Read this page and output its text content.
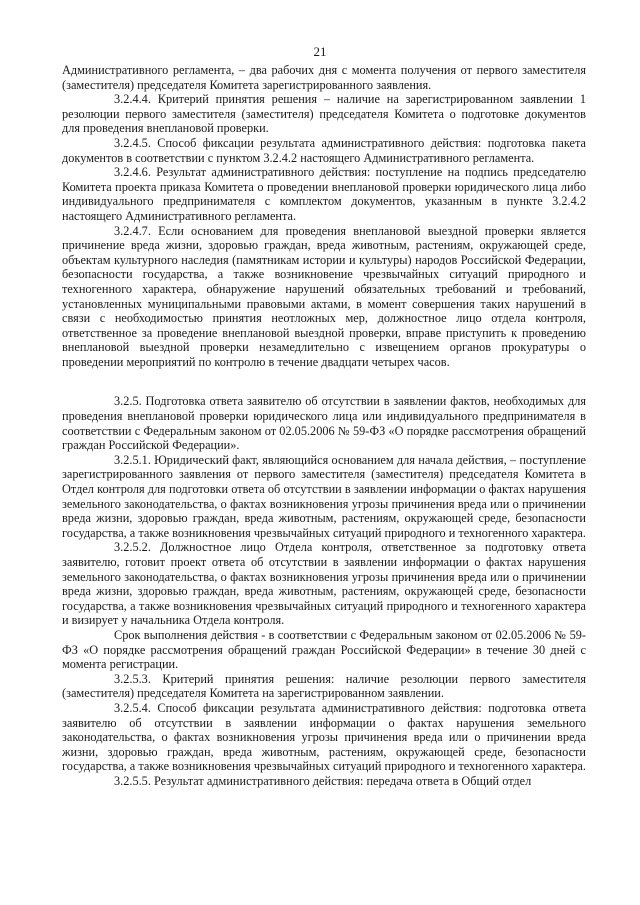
21

Административного регламента, – два рабочих дня с момента получения от первого заместителя (заместителя) председателя Комитета зарегистрированного заявления.

3.2.4.4. Критерий принятия решения – наличие на зарегистрированном заявлении 1 резолюции первого заместителя (заместителя) председателя Комитета о подготовке документов для проведения внеплановой проверки.

3.2.4.5. Способ фиксации результата административного действия: подготовка пакета документов в соответствии с пунктом 3.2.4.2 настоящего Административного регламента.

3.2.4.6. Результат административного действия: поступление на подпись председателю Комитета проекта приказа Комитета о проведении внеплановой проверки юридического лица либо индивидуального предпринимателя с комплектом документов, указанным в пункте 3.2.4.2 настоящего Административного регламента.

3.2.4.7. Если основанием для проведения внеплановой выездной проверки является причинение вреда жизни, здоровью граждан, вреда животным, растениям, окружающей среде, объектам культурного наследия (памятникам истории и культуры) народов Российской Федерации, безопасности государства, а также возникновение чрезвычайных ситуаций природного и техногенного характера, обнаружение нарушений обязательных требований и требований, установленных муниципальными правовыми актами, в момент совершения таких нарушений в связи с необходимостью принятия неотложных мер, должностное лицо отдела контроля, ответственное за проведение внеплановой выездной проверки, вправе приступить к проведению внеплановой выездной проверки незамедлительно с извещением органов прокуратуры о проведении мероприятий по контролю в течение двадцати четырех часов.

3.2.5. Подготовка ответа заявителю об отсутствии в заявлении фактов, необходимых для проведения внеплановой проверки юридического лица или индивидуального предпринимателя в соответствии с Федеральным законом от 02.05.2006 № 59-ФЗ «О порядке рассмотрения обращений граждан Российской Федерации».

3.2.5.1. Юридический факт, являющийся основанием для начала действия, – поступление зарегистрированного заявления от первого заместителя (заместителя) председателя Комитета в Отдел контроля для подготовки ответа об отсутствии в заявлении информации о фактах нарушения земельного законодательства, о фактах возникновения угрозы причинения вреда или о причинении вреда жизни, здоровью граждан, вреда животным, растениям, окружающей среде, безопасности государства, а также возникновения чрезвычайных ситуаций природного и техногенного характера.

3.2.5.2. Должностное лицо Отдела контроля, ответственное за подготовку ответа заявителю, готовит проект ответа об отсутствии в заявлении информации о фактах нарушения земельного законодательства, о фактах возникновения угрозы причинения вреда или о причинении вреда жизни, здоровью граждан, вреда животным, растениям, окружающей среде, безопасности государства, а также возникновения чрезвычайных ситуаций природного и техногенного характера и визирует у начальника Отдела контроля.

Срок выполнения действия - в соответствии с Федеральным законом от 02.05.2006 № 59-ФЗ «О порядке рассмотрения обращений граждан Российской Федерации» в течение 30 дней с момента регистрации.

3.2.5.3. Критерий принятия решения: наличие резолюции первого заместителя (заместителя) председателя Комитета на зарегистрированном заявлении.

3.2.5.4. Способ фиксации результата административного действия: подготовка ответа заявителю об отсутствии в заявлении информации о фактах нарушения земельного законодательства, о фактах возникновения угрозы причинения вреда или о причинении вреда жизни, здоровью граждан, вреда животным, растениям, окружающей среде, безопасности государства, а также возникновения чрезвычайных ситуаций природного и техногенного характера.

3.2.5.5. Результат административного действия: передача ответа в Общий отдел
